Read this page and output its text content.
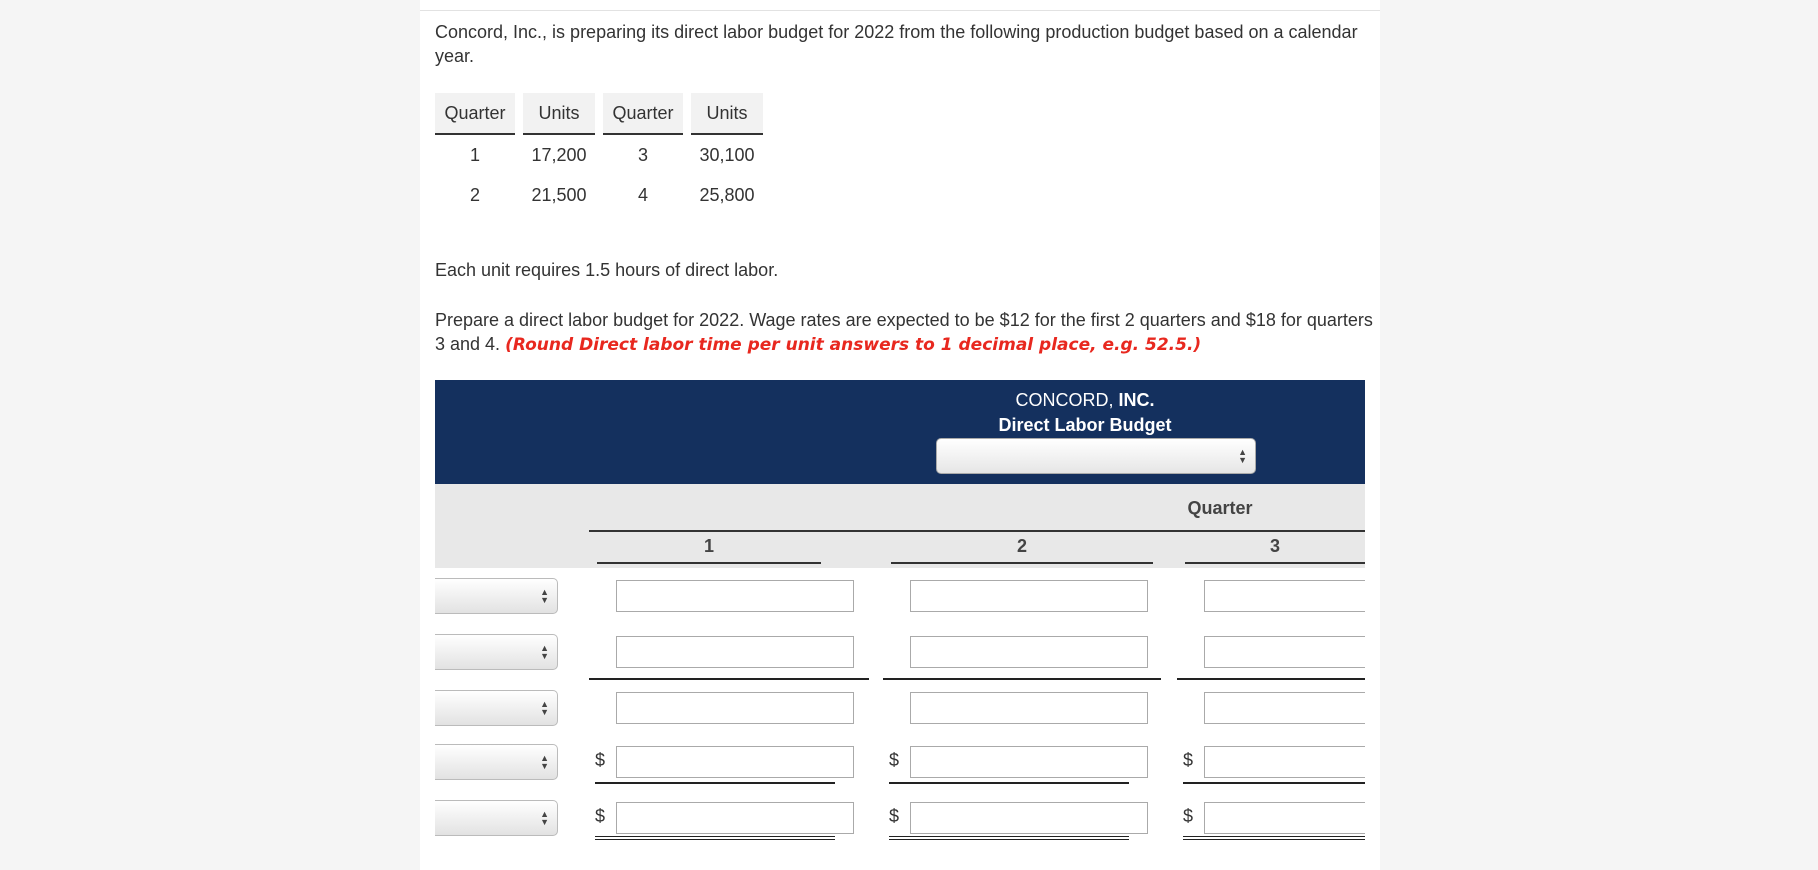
Concord, Inc., is preparing its direct labor budget for 2022 from the following production budget based on a calendar year.
Quarter		Units		Quarter		Units
1		17,200		3		30,100
2		21,500		4		25,800
Each unit requires 1.5 hours of direct labor.
Prepare a direct labor budget for 2022. Wage rates are expected to be $12 for the first 2 quarters and $18 for quarters 3 and 4. (Round Direct labor time per unit answers to 1 decimal place, e.g. 52.5.)
CONCORD, INC.
Direct Labor Budget
▲
▼
Quarter
1	2	3
▲
▼
▲
▼
▲
▼
▲
▼	$	$	$
▲
▼	$	$	$
